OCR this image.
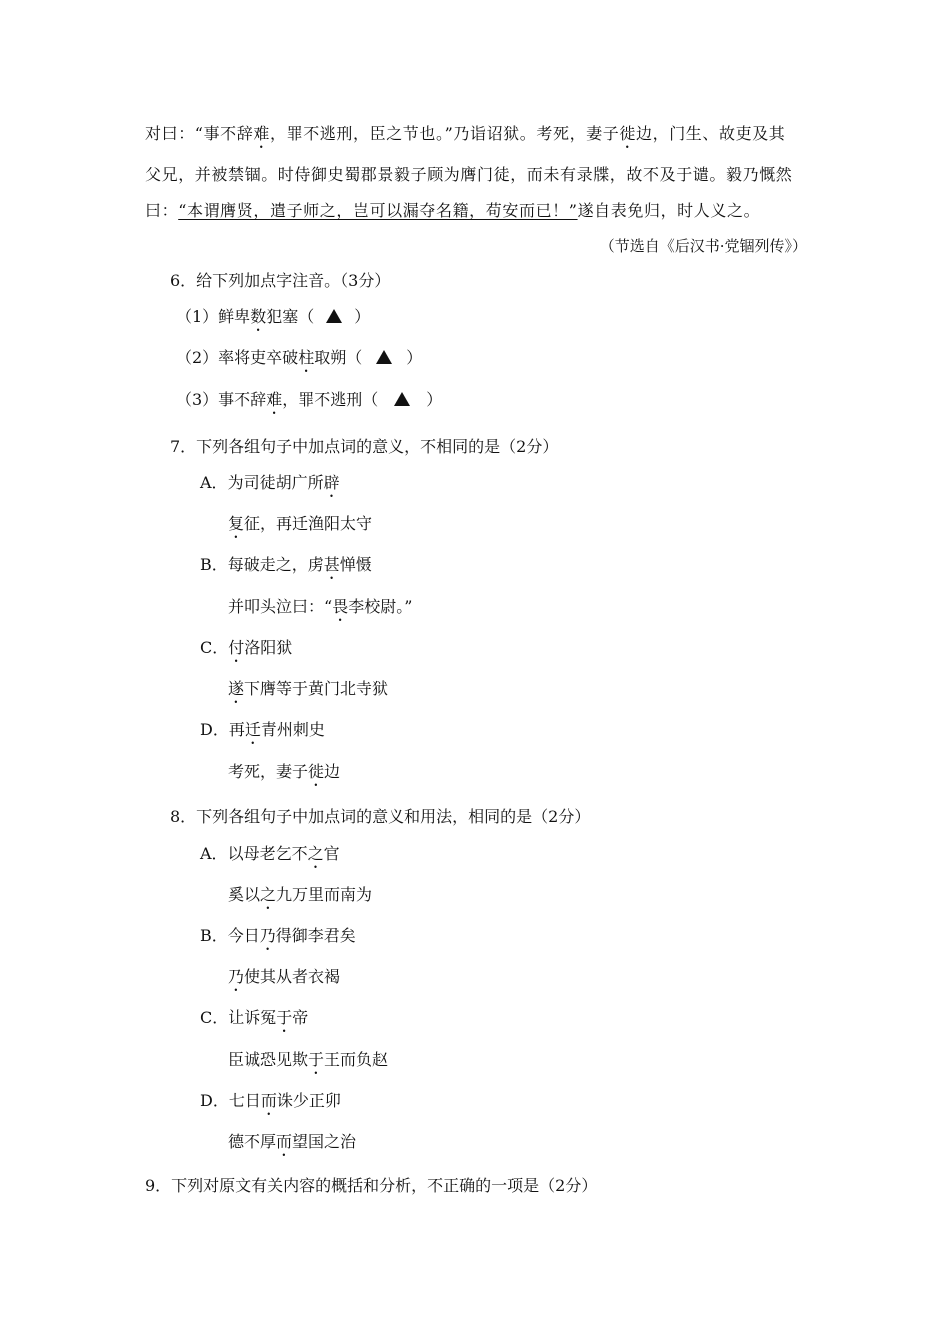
对曰：“事不辞难，罪不逃刑，臣之节也。”乃诣诏狱。考死，妻子徙边，门生、故吏及其
父兄，并被禁锢。时侍御史蜀郡景毅子顾为膺门徒，而未有录牒，故不及于谴。毅乃慨然
曰：“本谓膺贤，遣子师之，岂可以漏夺名籍，苟安而已！”遂自表免归，时人义之。
（节选自《后汉书·党锢列传》）
6．给下列加点字注音。（3分）
（1）鲜卑数犯塞（	）
（2）率将吏卒破柱取朔（	）
（3）事不辞难，罪不逃刑（	）
7．下列各组句子中加点词的意义，不相同的是（2分）
A．为司徒胡广所辟
复征，再迁渔阳太守
B．每破走之，虏甚惮慑
并叩头泣曰：“畏李校尉。”
C．付洛阳狱
遂下膺等于黄门北寺狱
D．再迁青州刺史
考死，妻子徙边
8．下列各组句子中加点词的意义和用法，相同的是（2分）
A．以母老乞不之官
奚以之九万里而南为
B．今日乃得御李君矣
乃使其从者衣褐
C．让诉冤于帝
臣诚恐见欺于王而负赵
D．七日而诛少正卯
德不厚而望国之治
9．下列对原文有关内容的概括和分析，不正确的一项是（2分）
